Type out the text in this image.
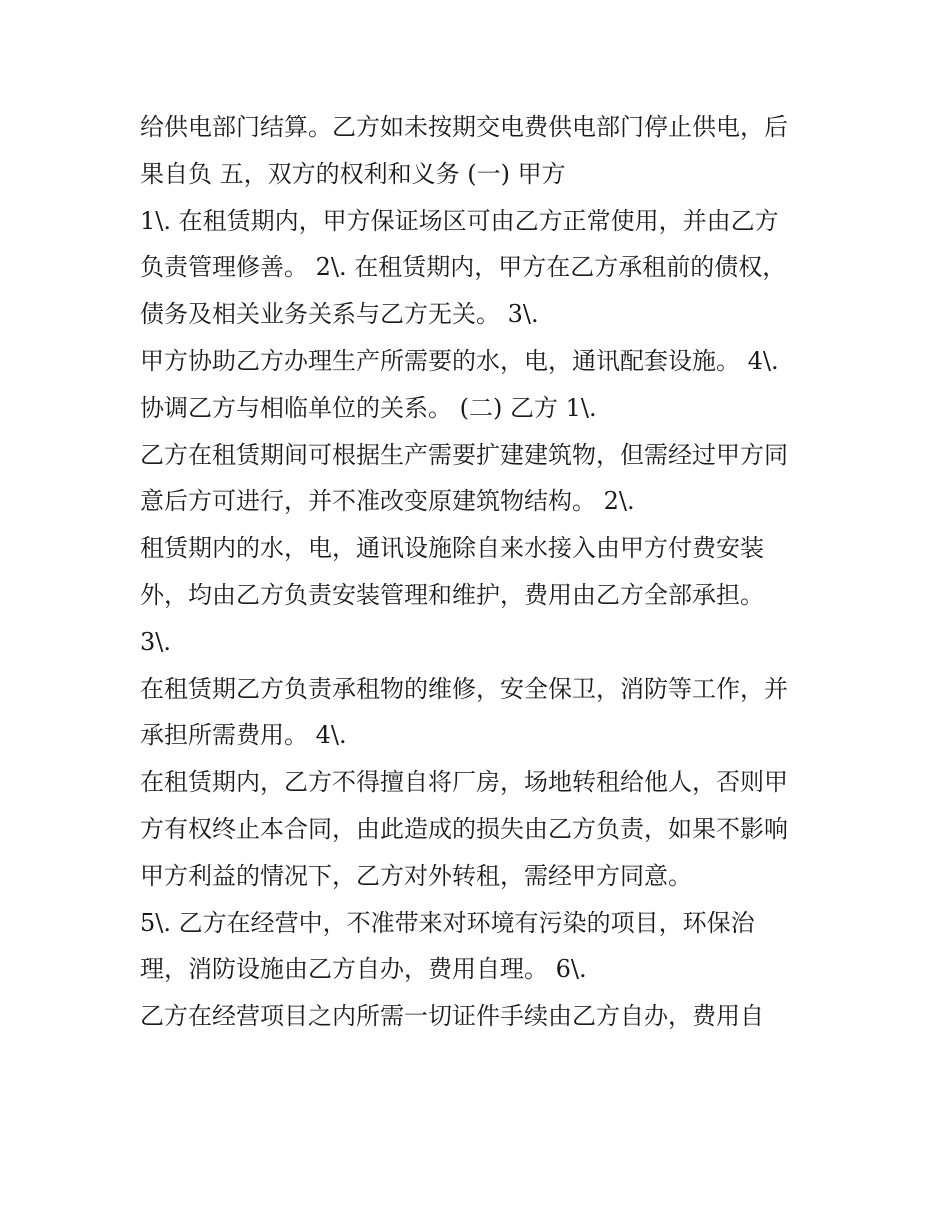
给供电部门结算。乙方如未按期交电费供电部门停止供电，后
果自负 五，双方的权利和义务 (一) 甲方
1\. 在租赁期内，甲方保证场区可由乙方正常使用，并由乙方
负责管理修善。 2\. 在租赁期内，甲方在乙方承租前的债权，
债务及相关业务关系与乙方无关。 3\.
甲方协助乙方办理生产所需要的水，电，通讯配套设施。 4\.
协调乙方与相临单位的关系。 (二) 乙方 1\.
乙方在租赁期间可根据生产需要扩建建筑物，但需经过甲方同
意后方可进行，并不准改变原建筑物结构。 2\.
租赁期内的水，电，通讯设施除自来水接入由甲方付费安装
外，均由乙方负责安装管理和维护，费用由乙方全部承担。
3\.
在租赁期乙方负责承租物的维修，安全保卫，消防等工作，并
承担所需费用。 4\.
在租赁期内，乙方不得擅自将厂房，场地转租给他人，否则甲
方有权终止本合同，由此造成的损失由乙方负责，如果不影响
甲方利益的情况下，乙方对外转租，需经甲方同意。
5\. 乙方在经营中，不准带来对环境有污染的项目，环保治
理，消防设施由乙方自办，费用自理。 6\.
乙方在经营项目之内所需一切证件手续由乙方自办，费用自
